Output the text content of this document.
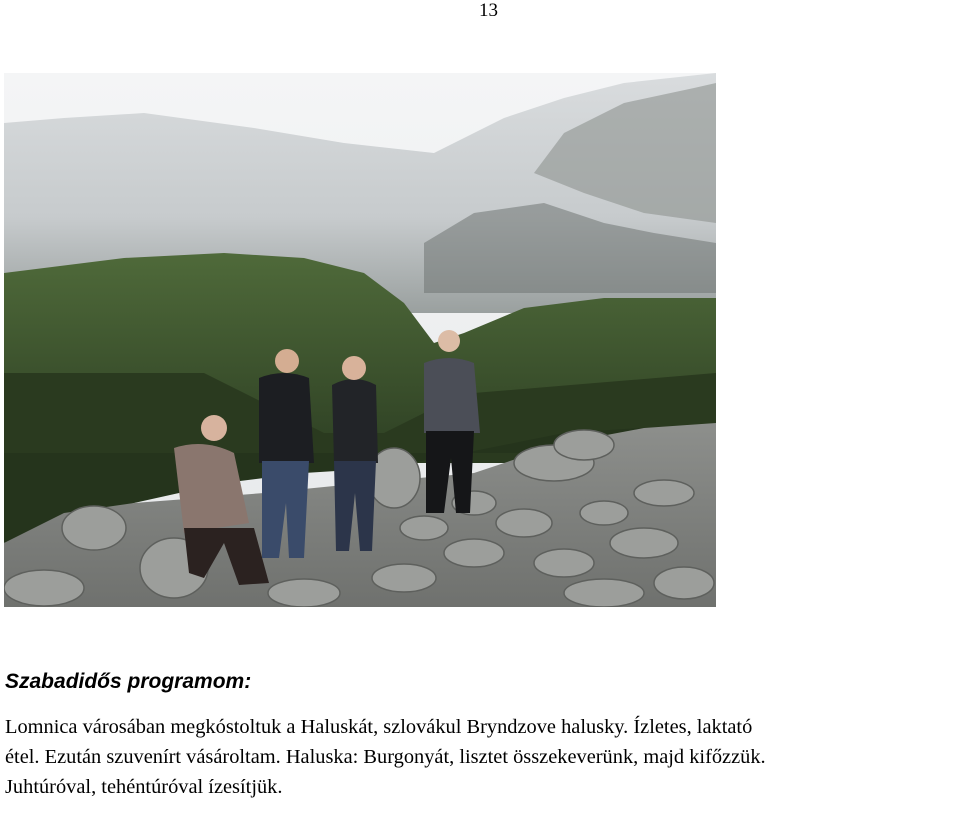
13
Szabadidős programom:

Lomnica városában megkóstoltuk a Haluskát, szlovákul Bryndzove halusky. Ízletes, laktató
étel. Ezután szuvenírt vásároltam. Haluska: Burgonyát, lisztet összekeverünk, majd kifőzzük.
Juhtúróval, tehéntúróval ízesítjük.
